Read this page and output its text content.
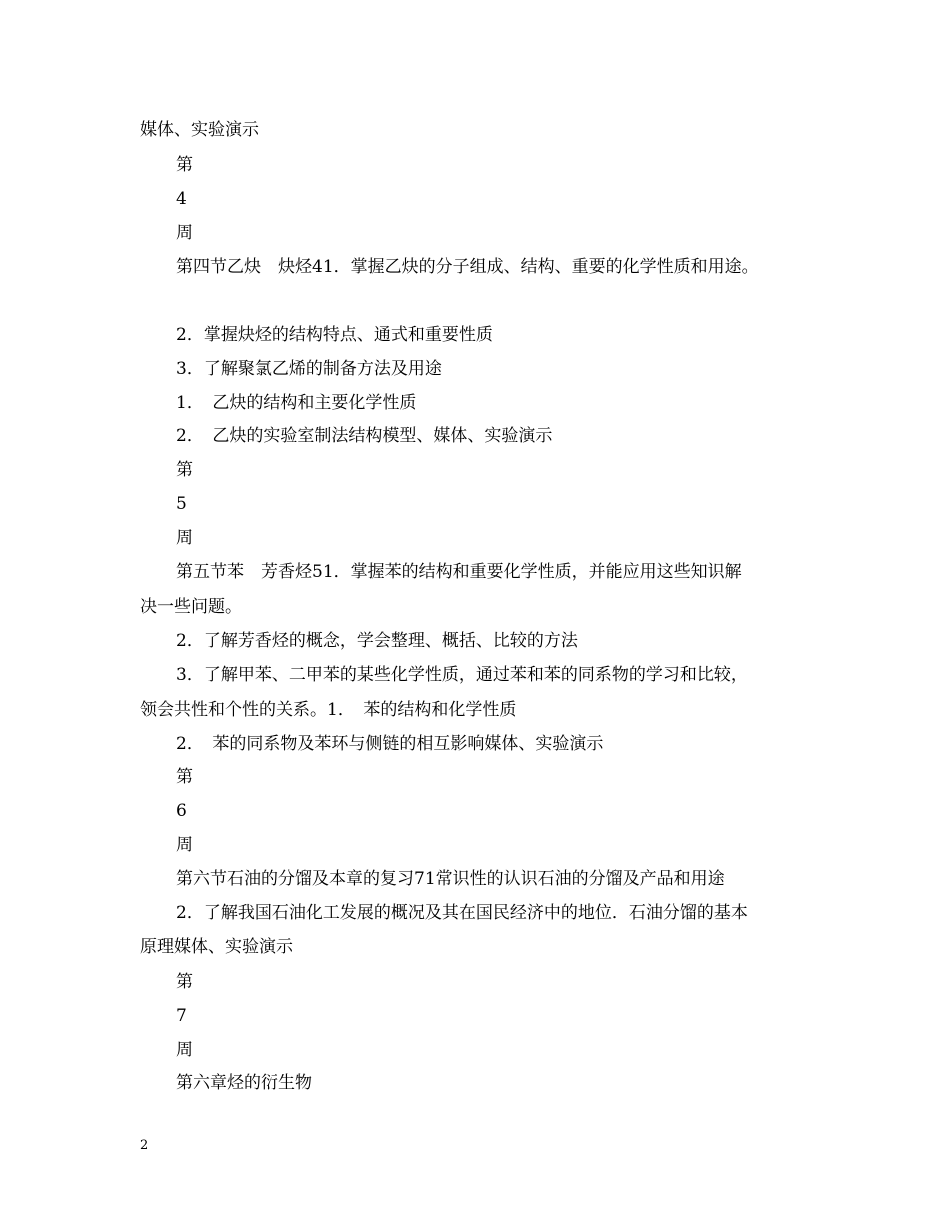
媒体、实验演示
第
4
周
第四节乙炔　炔烃41．掌握乙炔的分子组成、结构、重要的化学性质和用途。
2．掌握炔烃的结构特点、通式和重要性质
3．了解聚氯乙烯的制备方法及用途
1．　乙炔的结构和主要化学性质
2．　乙炔的实验室制法结构模型、媒体、实验演示
第
5
周
第五节苯　芳香烃51．掌握苯的结构和重要化学性质，并能应用这些知识解
决一些问题。
2．了解芳香烃的概念，学会整理、概括、比较的方法
3．了解甲苯、二甲苯的某些化学性质，通过苯和苯的同系物的学习和比较，
领会共性和个性的关系。1．　苯的结构和化学性质
2．　苯的同系物及苯环与侧链的相互影响媒体、实验演示
第
6
周
第六节石油的分馏及本章的复习71常识性的认识石油的分馏及产品和用途
2．了解我国石油化工发展的概况及其在国民经济中的地位．石油分馏的基本
原理媒体、实验演示
第
7
周
第六章烃的衍生物
2
